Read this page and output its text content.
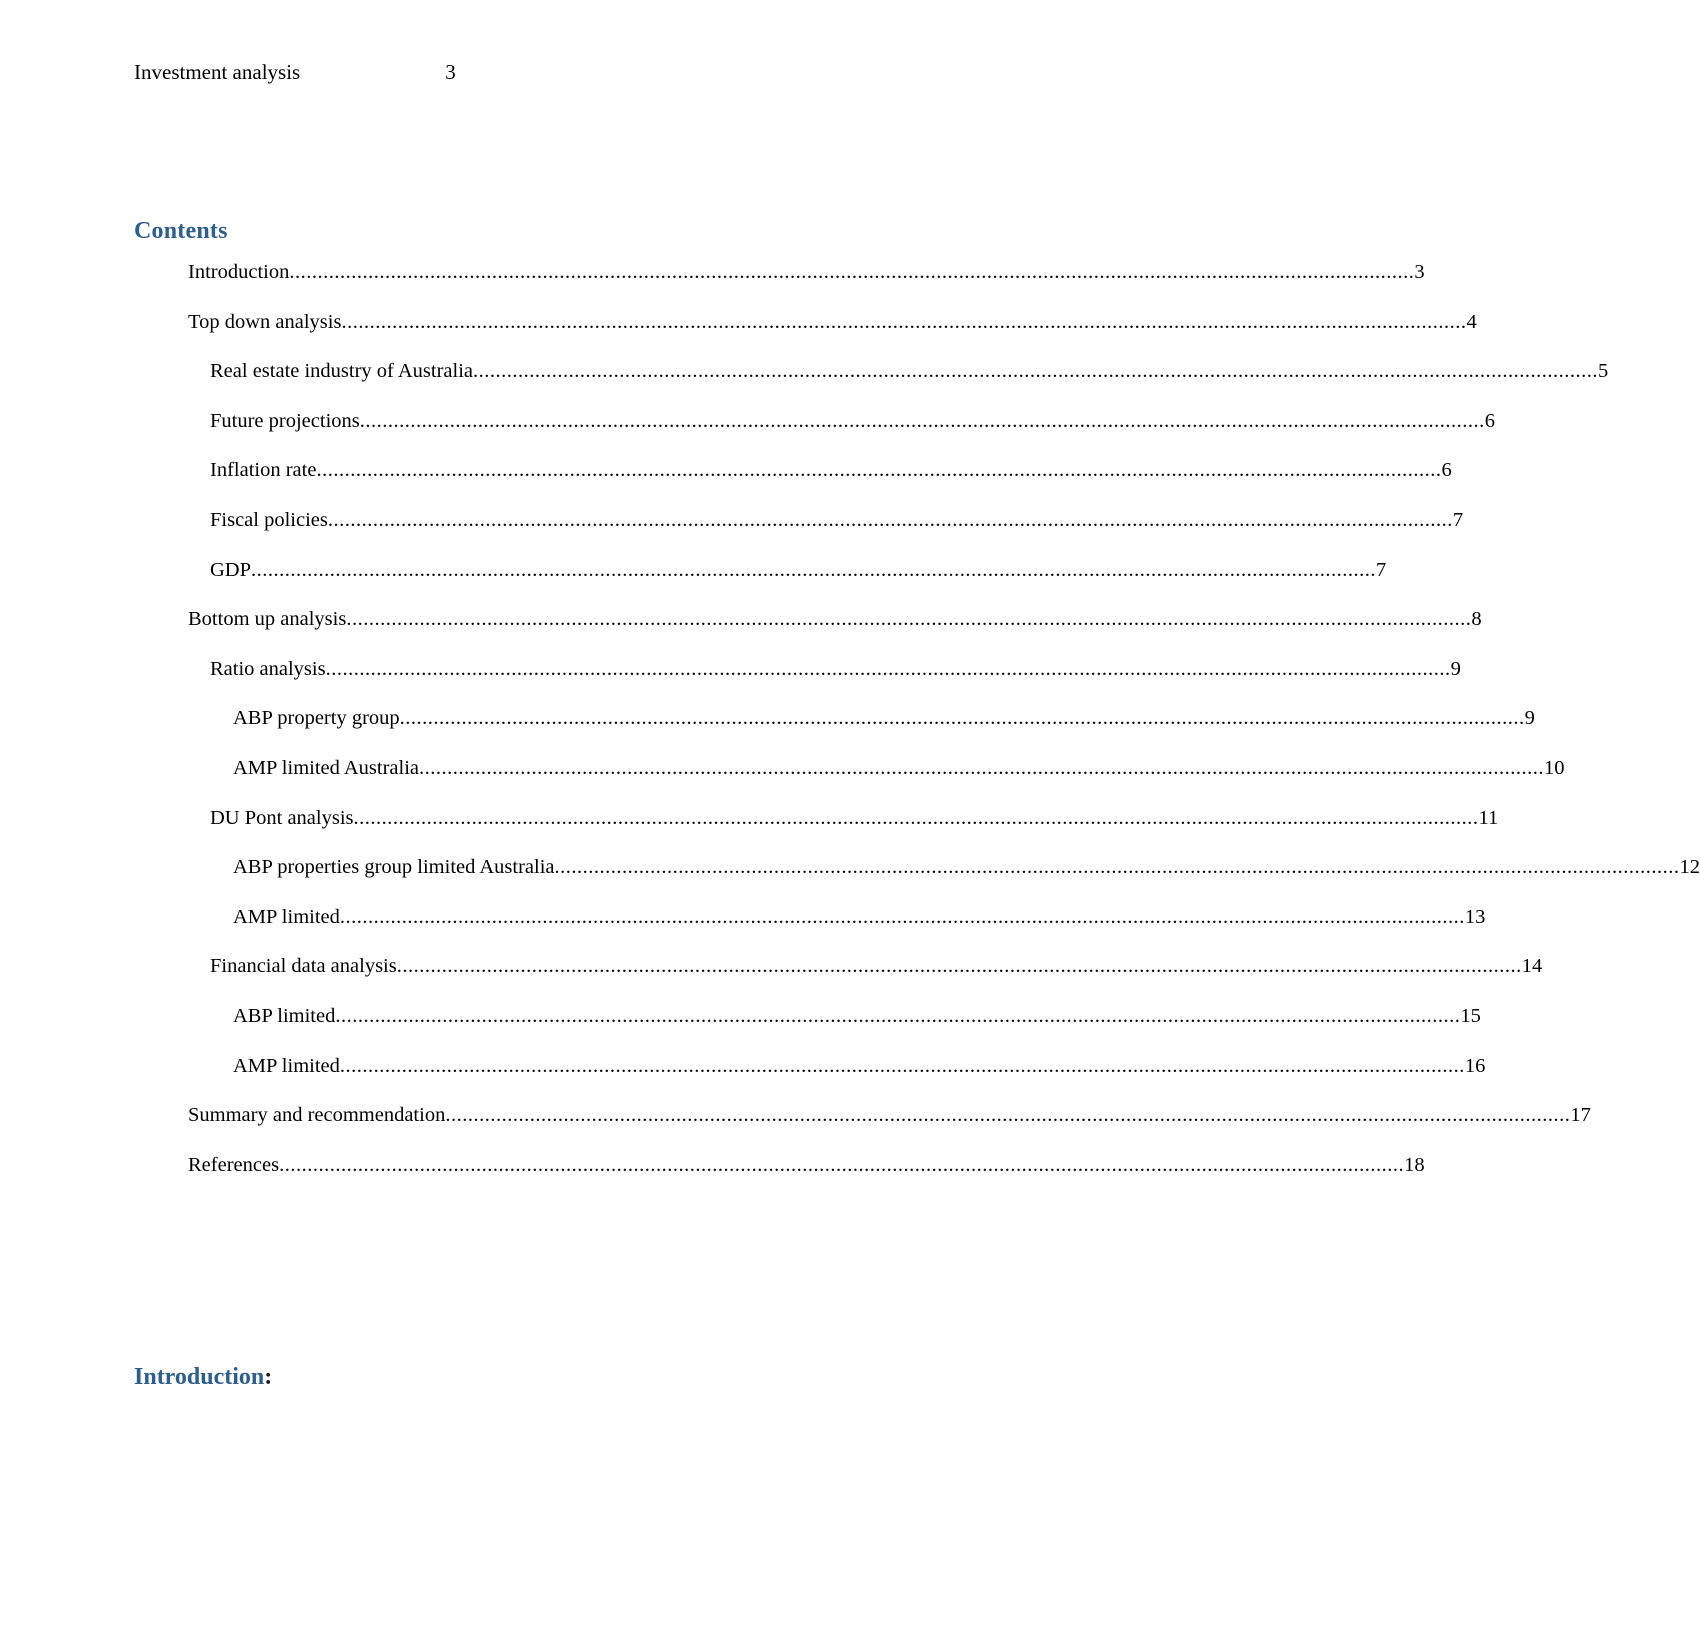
Investment analysis	3
Contents
Introduction ........................................................................................................................................................................................................ 3
Top down analysis ........................................................................................................................................................................................................ 4
Real estate industry of Australia ........................................................................................................................................................................................................ 5
Future projections ........................................................................................................................................................................................................ 6
Inflation rate ........................................................................................................................................................................................................ 6
Fiscal policies ........................................................................................................................................................................................................ 7
GDP ........................................................................................................................................................................................................ 7
Bottom up analysis ........................................................................................................................................................................................................ 8
Ratio analysis ........................................................................................................................................................................................................ 9
ABP property group ........................................................................................................................................................................................................ 9
AMP limited Australia ........................................................................................................................................................................................................ 10
DU Pont analysis ........................................................................................................................................................................................................ 11
ABP properties group limited Australia ........................................................................................................................................................................................................ 12
AMP limited ........................................................................................................................................................................................................ 13
Financial data analysis ........................................................................................................................................................................................................ 14
ABP limited ........................................................................................................................................................................................................ 15
AMP limited ........................................................................................................................................................................................................ 16
Summary and recommendation ........................................................................................................................................................................................................ 17
References ........................................................................................................................................................................................................ 18
Introduction:
